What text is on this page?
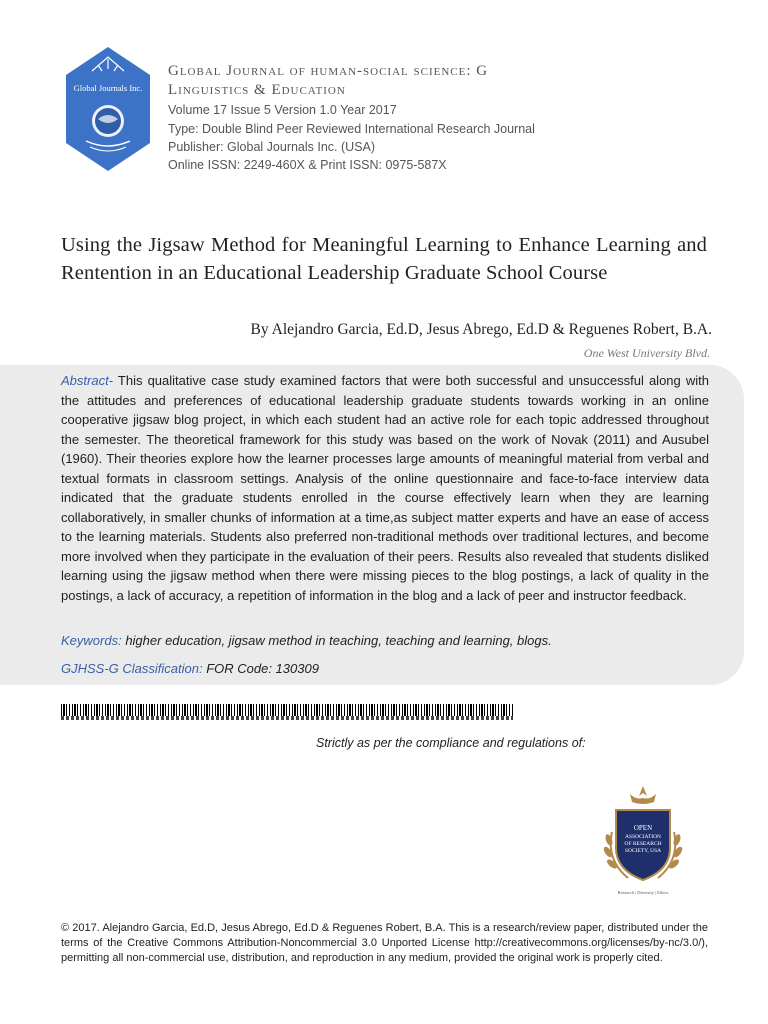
Global Journals Inc.
Global Journal of human-social science: G
Linguistics & Education
Volume 17 Issue 5 Version 1.0 Year 2017
Type: Double Blind Peer Reviewed International Research Journal
Publisher: Global Journals Inc. (USA)
Online ISSN: 2249-460X & Print ISSN: 0975-587X
Using the Jigsaw Method for Meaningful Learning to Enhance Learning and Rentention in an Educational Leadership Graduate School Course
By Alejandro Garcia, Ed.D, Jesus Abrego, Ed.D & Reguenes Robert, B.A.
One West University Blvd.
Abstract- This qualitative case study examined factors that were both successful and unsuccessful along with the attitudes and preferences of educational leadership graduate students towards working in an online cooperative jigsaw blog project, in which each student had an active role for each topic addressed throughout the semester. The theoretical framework for this study was based on the work of Novak (2011) and Ausubel (1960). Their theories explore how the learner processes large amounts of meaningful material from verbal and textual formats in classroom settings. Analysis of the online questionnaire and face-to-face interview data indicated that the graduate students enrolled in the course effectively learn when they are learning collaboratively, in smaller chunks of information at a time,as subject matter experts and have an ease of access to the learning materials. Students also preferred non-traditional methods over traditional lectures, and become more involved when they participate in the evaluation of their peers. Results also revealed that students disliked learning using the jigsaw method when there were missing pieces to the blog postings, a lack of quality in the postings, a lack of accuracy, a repetition of information in the blog and a lack of peer and instructor feedback.
Keywords: higher education, jigsaw method in teaching, teaching and learning, blogs.
GJHSS-G Classification: FOR Code: 130309
Strictly as per the compliance and regulations of:
OPEN
ASSOCIATION
OF RESEARCH
SOCIETY, USA
Research | Diversity | Ethics
© 2017. Alejandro Garcia, Ed.D, Jesus Abrego, Ed.D & Reguenes Robert, B.A. This is a research/review paper, distributed under the terms of the Creative Commons Attribution-Noncommercial 3.0 Unported License http://creativecommons.org/licenses/by-nc/3.0/), permitting all non-commercial use, distribution, and reproduction in any medium, provided the original work is properly cited.
